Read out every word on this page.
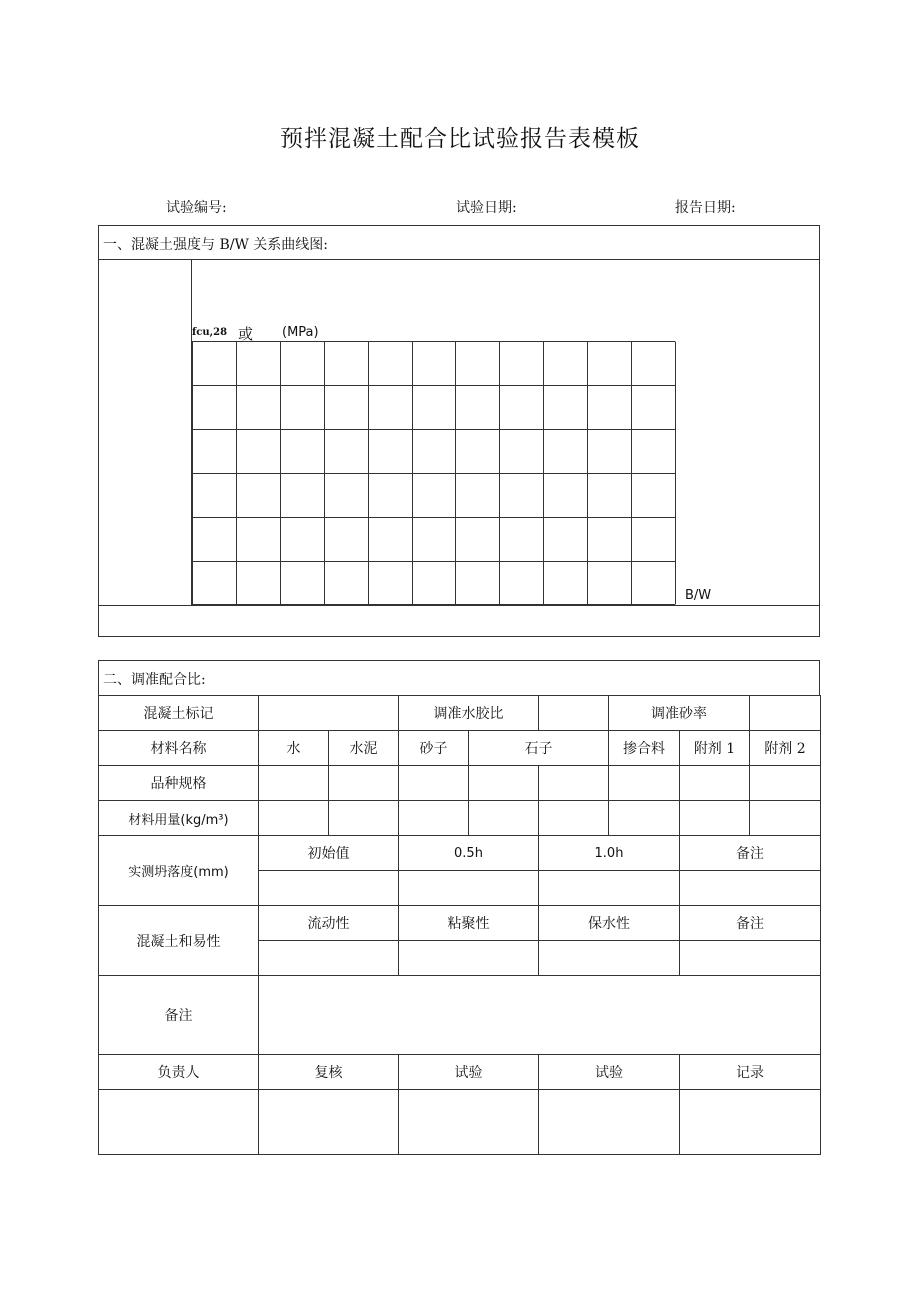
预拌混凝土配合比试验报告表模板
试验编号:	试验日期:	报告日期:
一、混凝土强度与 B/W 关系曲线图:
fcu,28 或 (MPa)
B/W
二、调准配合比:
混凝土标记			调准水胶比			调准砂率		
材料名称	水	水泥	砂子	石子		掺合料	附剂 1	附剂 2
品种规格								
材料用量(kg/m³)								
实测坍落度(mm)	初始值		0.5h		1.0h		备注	

混凝土和易性	流动性		粘聚性		保水性		备注	

备注								
负责人	复核		试验		试验		记录	
